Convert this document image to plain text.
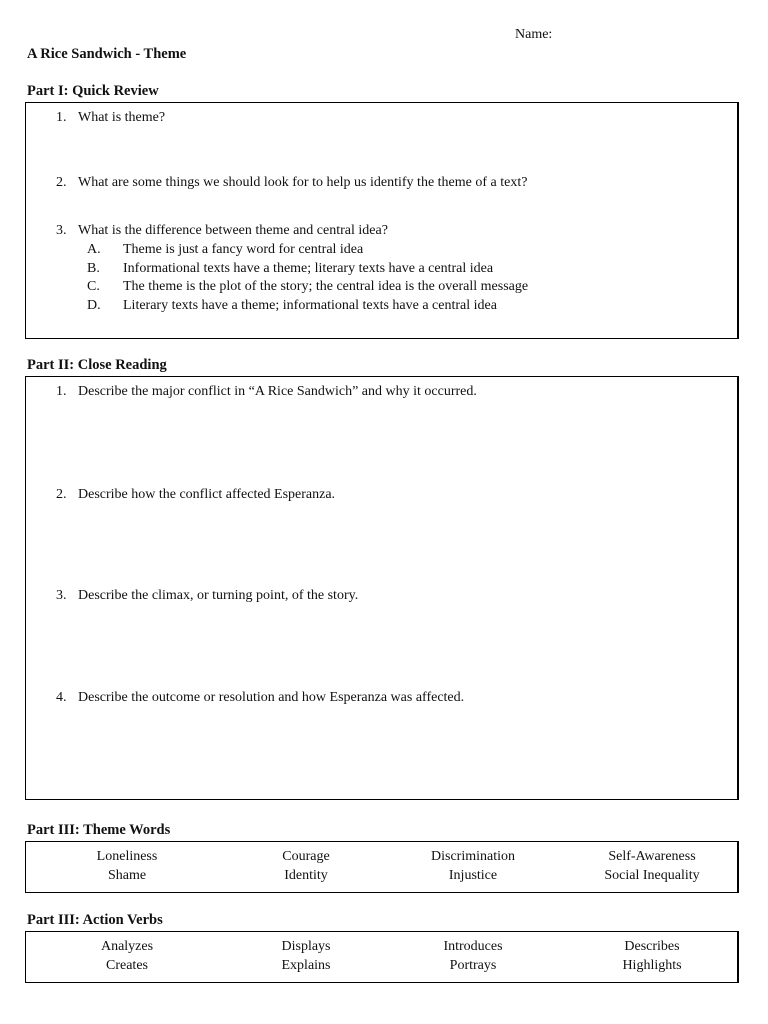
Name:
A Rice Sandwich - Theme
Part I: Quick Review
1. What is theme?
2. What are some things we should look for to help us identify the theme of a text?
3. What is the difference between theme and central idea?
A. Theme is just a fancy word for central idea
B. Informational texts have a theme; literary texts have a central idea
C. The theme is the plot of the story; the central idea is the overall message
D. Literary texts have a theme; informational texts have a central idea
Part II: Close Reading
1. Describe the major conflict in “A Rice Sandwich” and why it occurred.
2. Describe how the conflict affected Esperanza.
3. Describe the climax, or turning point, of the story.
4. Describe the outcome or resolution and how Esperanza was affected.
Part III: Theme Words
Loneliness
Shame
Courage
Identity
Discrimination
Injustice
Self-Awareness
Social Inequality
Part III: Action Verbs
Analyzes
Creates
Displays
Explains
Introduces
Portrays
Describes
Highlights
